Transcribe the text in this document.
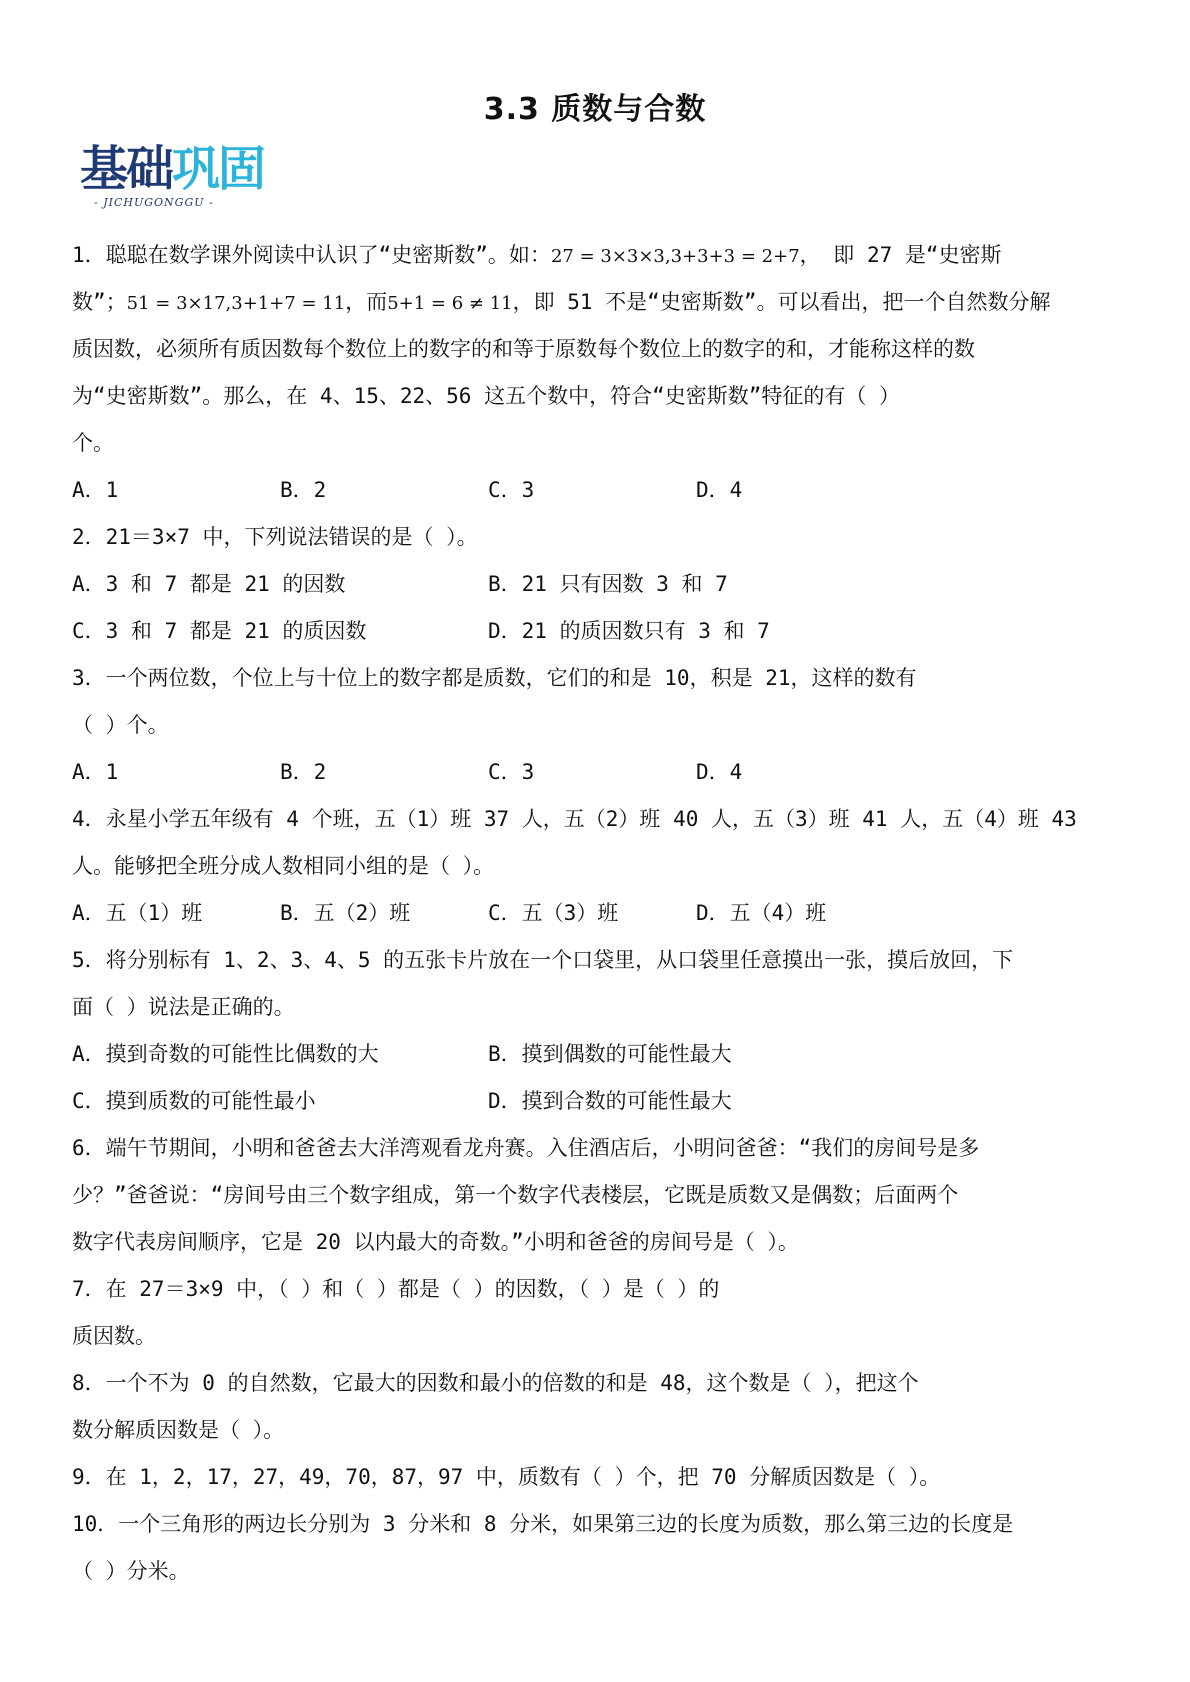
3.3 质数与合数
基础巩固
- JICHUGONGGU -
1．聪聪在数学课外阅读中认识了“史密斯数”。如：27 = 3×3×3,3+3+3 = 2+7， 即 27 是“史密斯
数”；51 = 3×17,3+1+7 = 11，而5+1 = 6 ≠ 11，即 51 不是“史密斯数”。可以看出，把一个自然数分解
质因数，必须所有质因数每个数位上的数字的和等于原数每个数位上的数字的和，才能称这样的数
为“史密斯数”。那么，在 4、15、22、56 这五个数中，符合“史密斯数”特征的有（ ）
个。
A．1	B．2	C．3	D．4
2．21＝3×7 中，下列说法错误的是（ ）。
A．3 和 7 都是 21 的因数	B．21 只有因数 3 和 7
C．3 和 7 都是 21 的质因数	D．21 的质因数只有 3 和 7
3．一个两位数，个位上与十位上的数字都是质数，它们的和是 10，积是 21，这样的数有
（ ）个。
A．1	B．2	C．3	D．4
4．永星小学五年级有 4 个班，五（1）班 37 人，五（2）班 40 人，五（3）班 41 人，五（4）班 43
人。能够把全班分成人数相同小组的是（ ）。
A．五（1）班	B．五（2）班	C．五（3）班	D．五（4）班
5．将分别标有 1、2、3、4、5 的五张卡片放在一个口袋里，从口袋里任意摸出一张，摸后放回，下
面（ ）说法是正确的。
A．摸到奇数的可能性比偶数的大	B．摸到偶数的可能性最大
C．摸到质数的可能性最小	D．摸到合数的可能性最大
6．端午节期间，小明和爸爸去大洋湾观看龙舟赛。入住酒店后，小明问爸爸：“我们的房间号是多
少？”爸爸说：“房间号由三个数字组成，第一个数字代表楼层，它既是质数又是偶数；后面两个
数字代表房间顺序，它是 20 以内最大的奇数。”小明和爸爸的房间号是（ ）。
7．在 27＝3×9 中，（ ）和（ ）都是（ ）的因数，（ ）是（ ）的
质因数。
8．一个不为 0 的自然数，它最大的因数和最小的倍数的和是 48，这个数是（ ），把这个
数分解质因数是（ ）。
9．在 1，2，17，27，49，70，87，97 中，质数有（ ）个，把 70 分解质因数是（ ）。
10．一个三角形的两边长分别为 3 分米和 8 分米，如果第三边的长度为质数，那么第三边的长度是
（ ）分米。
